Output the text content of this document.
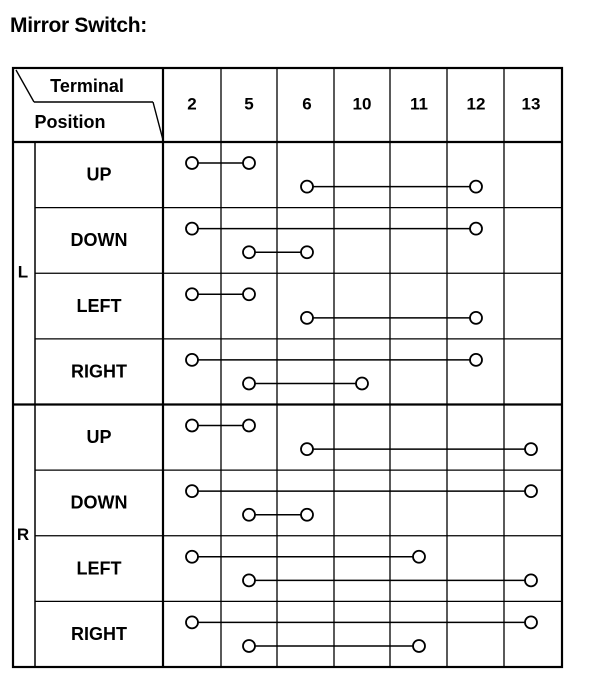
Mirror Switch:
Terminal
Position
2	5	6 10 11 12 13
L
UP
DOWN
LEFT
RIGHT
R
UP
DOWN
LEFT
RIGHT
